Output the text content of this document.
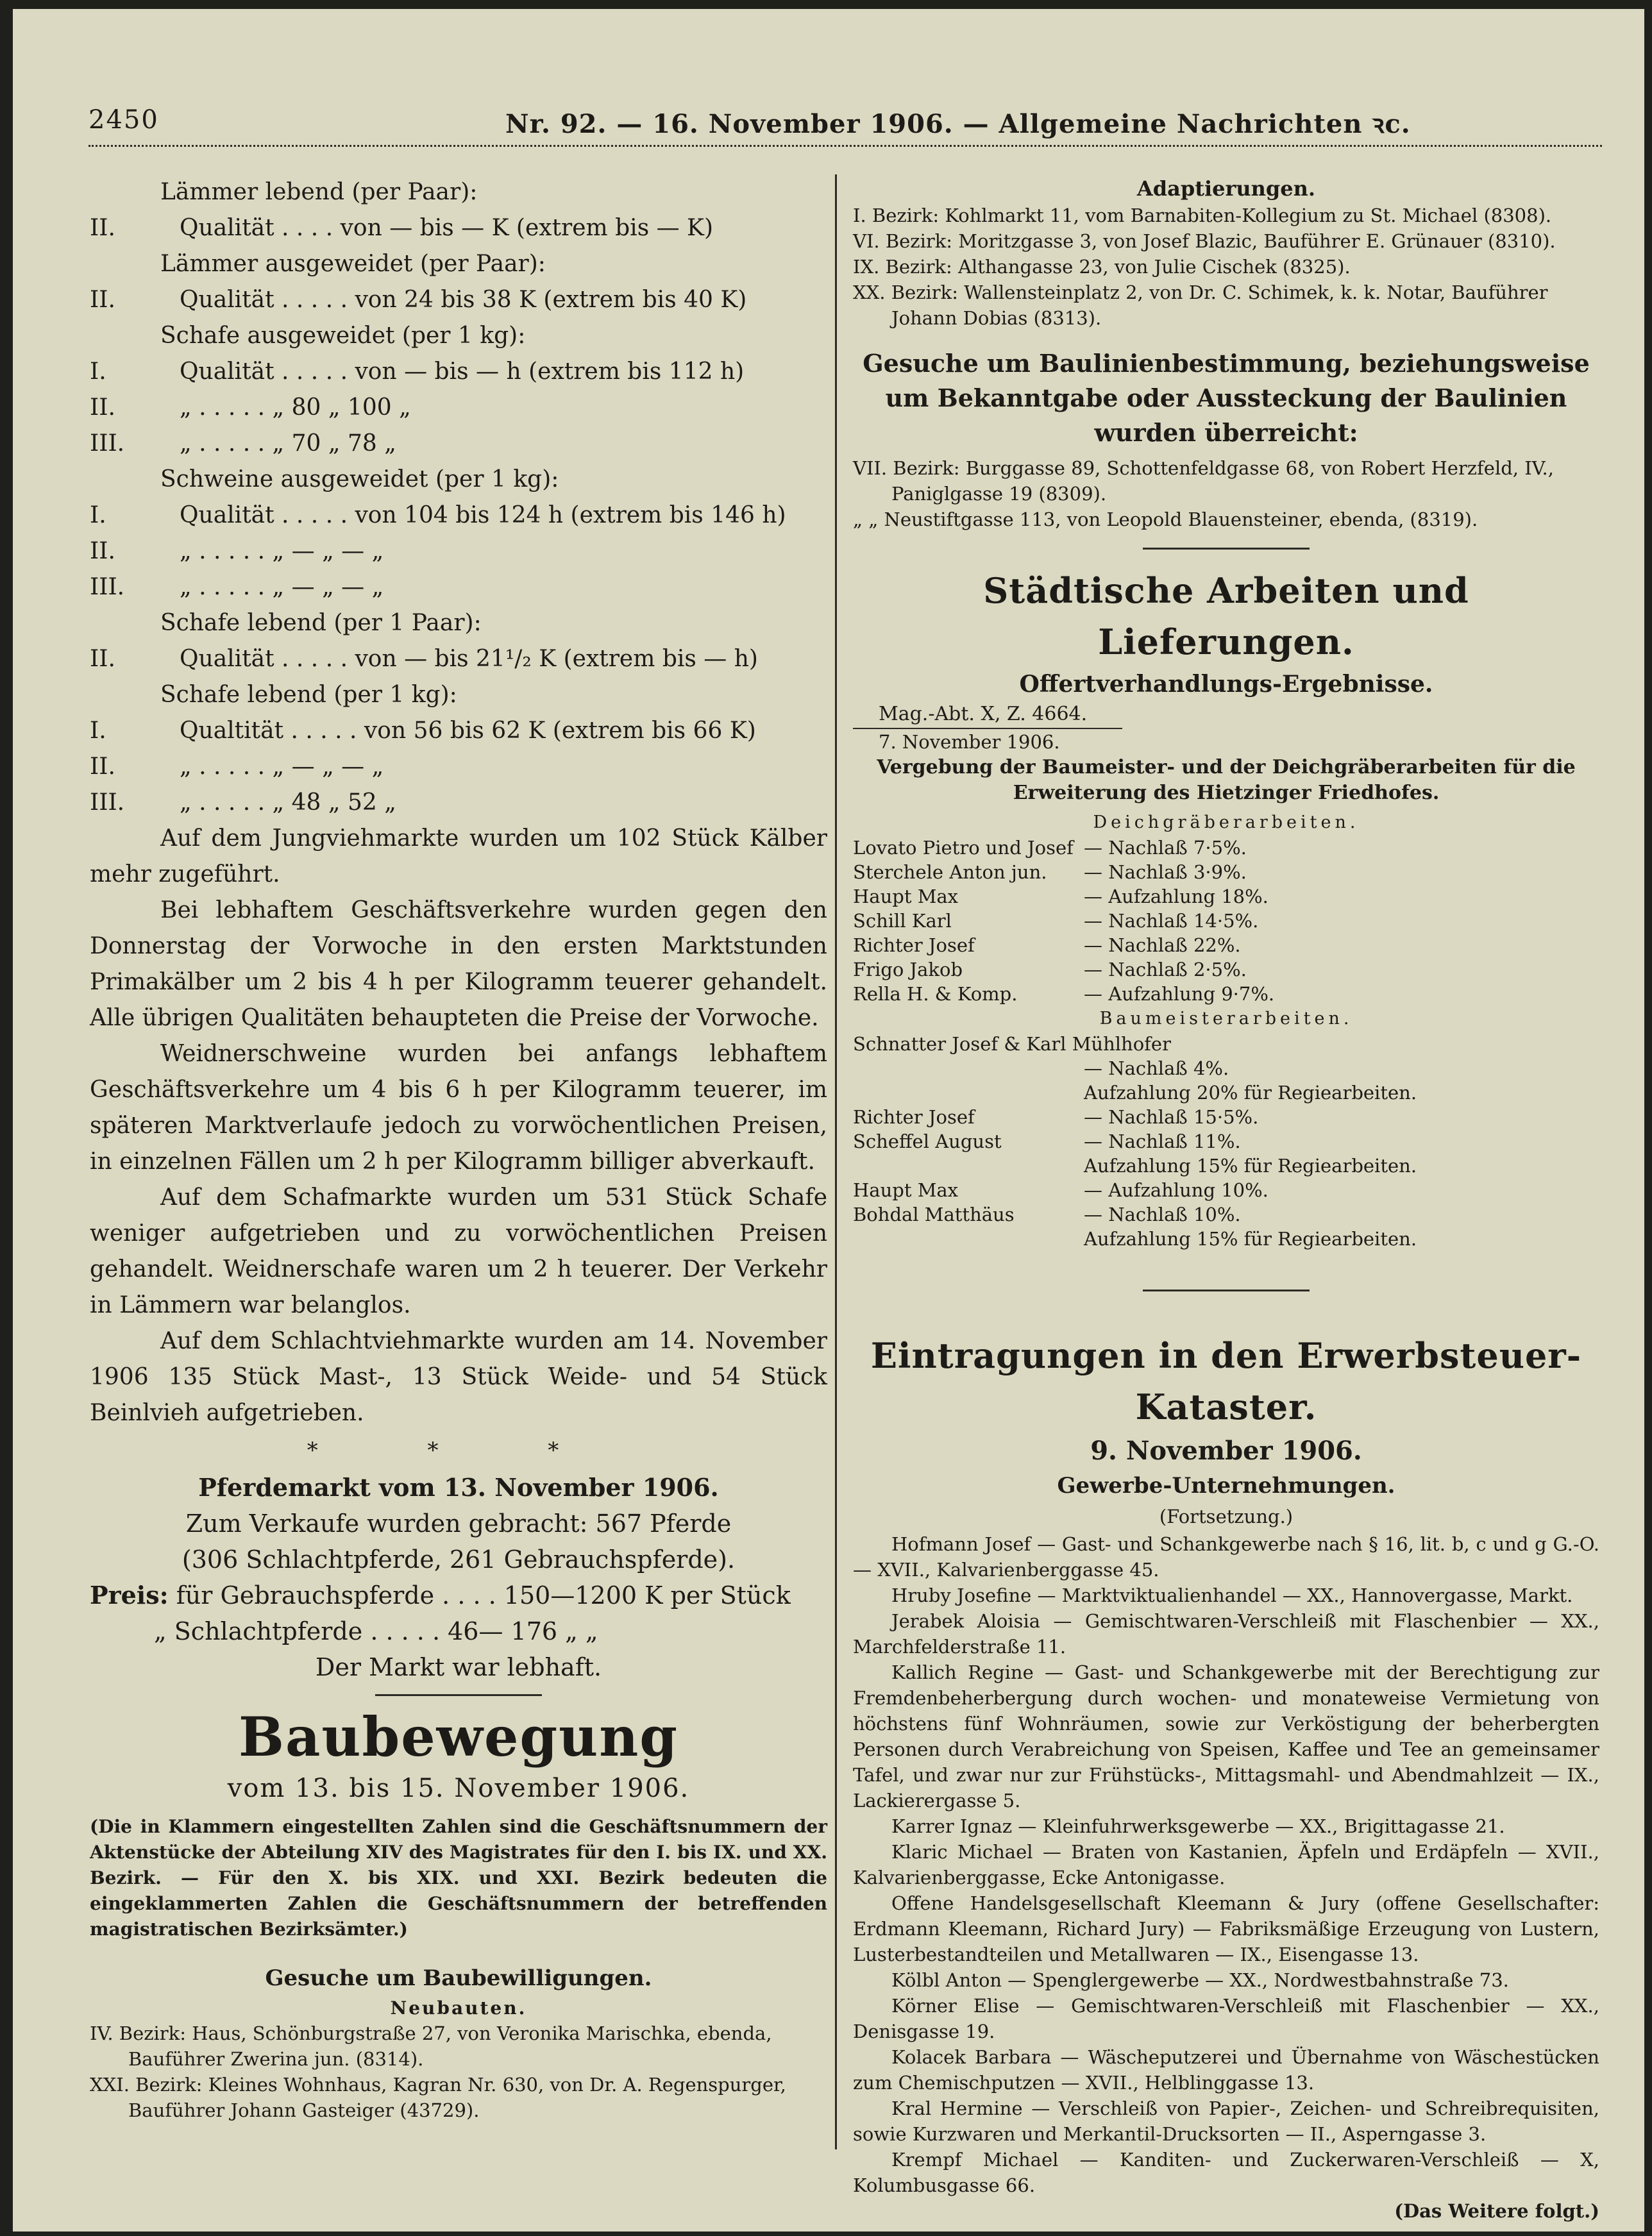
2450	Nr. 92. — 16. November 1906. — Allgemeine Nachrichten ꝛc.
Lämmer lebend (per Paar):
II.	Qualität . . . . von — bis — K (extrem bis — K)
Lämmer ausgeweidet (per Paar):
II.	Qualität . . . . . von 24 bis 38 K (extrem bis 40 K)
Schafe ausgeweidet (per 1 kg):
I.	Qualität . . . . . von — bis — h (extrem bis 112 h)
II.	„ . . . . . „ 80 „ 100 „
III. „ . . . . . „ 70 „ 78 „
Schweine ausgeweidet (per 1 kg):
I.	Qualität . . . . . von 104 bis 124 h (extrem bis 146 h)
II.	„ . . . . . „ — „ — „
III. „ . . . . . „ — „ — „
Schafe lebend (per 1 Paar):
II.	Qualität . . . . . von — bis 21¹/₂ K (extrem bis — h)
Schafe lebend (per 1 kg):
I.	Qualtität . . . . . von 56 bis 62 K (extrem bis 66 K)
II.	„ . . . . . „ — „ — „
III. „ . . . . . „ 48 „ 52 „

Auf dem Jungviehmarkte wurden um 102 Stück Kälber mehr zugeführt.

Bei lebhaftem Geschäftsverkehre wurden gegen den Donnerstag der Vorwoche in den ersten Marktstunden Primakälber um 2 bis 4 h per Kilogramm teuerer gehandelt. Alle übrigen Qualitäten behaupteten die Preise der Vorwoche.

Weidnerschweine wurden bei anfangs lebhaftem Geschäftsverkehre um 4 bis 6 h per Kilogramm teuerer, im späteren Marktverlaufe jedoch zu vorwöchentlichen Preisen, in einzelnen Fällen um 2 h per Kilogramm billiger abverkauft.

Auf dem Schafmarkte wurden um 531 Stück Schafe weniger aufgetrieben und zu vorwöchentlichen Preisen gehandelt. Weidnerschafe waren um 2 h teuerer. Der Verkehr in Lämmern war belanglos.

Auf dem Schlachtviehmarkte wurden am 14. November 1906 135 Stück Mast-, 13 Stück Weide- und 54 Stück Beinlvieh aufgetrieben.

* * *
Pferdemarkt vom 13. November 1906.
Zum Verkaufe wurden gebracht: 567 Pferde
(306 Schlachtpferde, 261 Gebrauchspferde).
Preis: für Gebrauchspferde . . . . 150—1200 K per Stück
„ Schlachtpferde . . . . . 46— 176 „ „
Der Markt war lebhaft.
Baubewegung
vom 13. bis 15. November 1906.
(Die in Klammern eingestellten Zahlen sind die Geschäftsnummern der Aktenstücke der Abteilung XIV des Magistrates für den I. bis IX. und XX. Bezirk. — Für den X. bis XIX. und XXI. Bezirk bedeuten die eingeklammerten Zahlen die Geschäftsnummern der betreffenden magistratischen Bezirksämter.)
Gesuche um Baubewilligungen.
Neubauten.
IV. Bezirk: Haus, Schönburgstraße 27, von Veronika Marischka, ebenda, Bauführer Zwerina jun. (8314).
XXI. Bezirk: Kleines Wohnhaus, Kagran Nr. 630, von Dr. A. Regenspurger, Bauführer Johann Gasteiger (43729).
Adaptierungen.
I. Bezirk: Kohlmarkt 11, vom Barnabiten-Kollegium zu St. Michael (8308).
VI. Bezirk: Moritzgasse 3, von Josef Blazic, Bauführer E. Grünauer (8310).
IX. Bezirk: Althangasse 23, von Julie Cischek (8325).
XX. Bezirk: Wallensteinplatz 2, von Dr. C. Schimek, k. k. Notar, Bauführer Johann Dobias (8313).
Gesuche um Baulinienbestimmung, beziehungsweise um Bekanntgabe oder Aussteckung der Baulinien wurden überreicht:
VII. Bezirk: Burggasse 89, Schottenfeldgasse 68, von Robert Herzfeld, IV., Paniglgasse 19 (8309).
„ „ Neustiftgasse 113, von Leopold Blauensteiner, ebenda, (8319).
Städtische Arbeiten und Lieferungen.
Offertverhandlungs-Ergebnisse.
Mag.-Abt. X, Z. 4664.
7. November 1906.
Vergebung der Baumeister- und der Deichgräberarbeiten für die Erweiterung des Hietzinger Friedhofes.
Deichgräberarbeiten.
Lovato Pietro und Josef — Nachlaß 7·5%.
Sterchele Anton jun. — Nachlaß 3·9%.
Haupt Max	— Aufzahlung 18%.
Schill Karl	— Nachlaß 14·5%.
Richter Josef	— Nachlaß 22%.
Frigo Jakob	— Nachlaß 2·5%.
Rella H. & Komp.	— Aufzahlung 9·7%.
Baumeisterarbeiten.
Schnatter Josef & Karl Mühlhofer
— Nachlaß 4%.
Aufzahlung 20% für Regiearbeiten.
Richter Josef	— Nachlaß 15·5%.
Scheffel August	— Nachlaß 11%.
Aufzahlung 15% für Regiearbeiten.
Haupt Max	— Aufzahlung 10%.
Bohdal Matthäus	— Nachlaß 10%.
Aufzahlung 15% für Regiearbeiten.
Eintragungen in den Erwerbsteuer-Kataster.
9. November 1906.
Gewerbe-Unternehmungen.
(Fortsetzung.)

Hofmann Josef — Gast- und Schankgewerbe nach § 16, lit. b, c und g G.-O. — XVII., Kalvarienberggasse 45.

Hruby Josefine — Marktviktualienhandel — XX., Hannovergasse, Markt.

Jerabek Aloisia — Gemischtwaren-Verschleiß mit Flaschenbier — XX., Marchfelderstraße 11.

Kallich Regine — Gast- und Schankgewerbe mit der Berechtigung zur Fremdenbeherbergung durch wochen- und monateweise Vermietung von höchstens fünf Wohnräumen, sowie zur Verköstigung der beherbergten Personen durch Verabreichung von Speisen, Kaffee und Tee an gemeinsamer Tafel, und zwar nur zur Frühstücks-, Mittagsmahl- und Abendmahlzeit — IX., Lackierergasse 5.

Karrer Ignaz — Kleinfuhrwerksgewerbe — XX., Brigittagasse 21.

Klaric Michael — Braten von Kastanien, Äpfeln und Erdäpfeln — XVII., Kalvarienberggasse, Ecke Antonigasse.

Offene Handelsgesellschaft Kleemann & Jury (offene Gesellschafter: Erdmann Kleemann, Richard Jury) — Fabriksmäßige Erzeugung von Lustern, Lusterbestandteilen und Metallwaren — IX., Eisengasse 13.

Kölbl Anton — Spenglergewerbe — XX., Nordwestbahnstraße 73.

Körner Elise — Gemischtwaren-Verschleiß mit Flaschenbier — XX., Denisgasse 19.

Kolacek Barbara — Wäscheputzerei und Übernahme von Wäschestücken zum Chemischputzen — XVII., Helblinggasse 13.

Kral Hermine — Verschleiß von Papier-, Zeichen- und Schreibrequisiten, sowie Kurzwaren und Merkantil-Drucksorten — II., Asperngasse 3.

Krempf Michael — Kanditen- und Zuckerwaren-Verschleiß — X, Kolumbusgasse 66.

(Das Weitere folgt.)
